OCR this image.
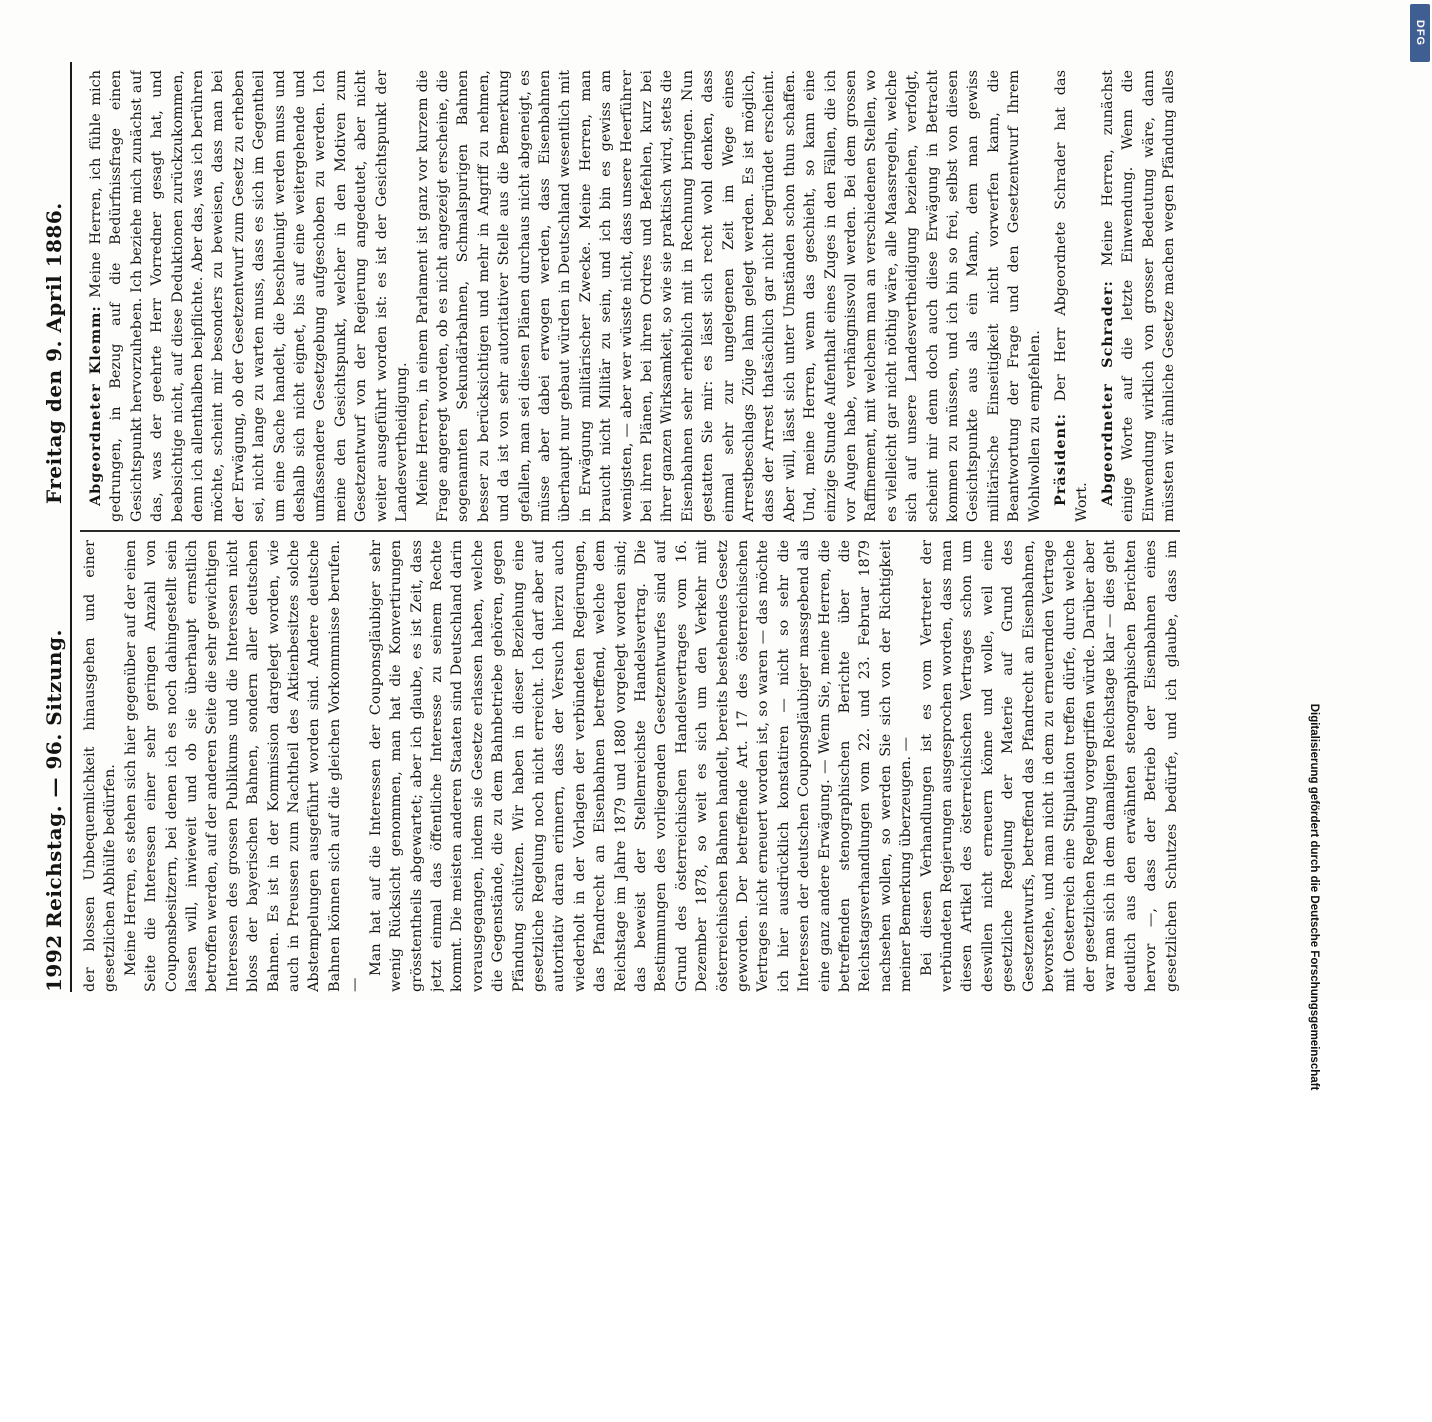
1992
Reichstag. — 96. Sitzung.
Freitag den 9. April 1886.

der blossen Unbequemlichkeit hinausgehen und einer gesetzlichen Abhülfe bedürfen. Meine Herren, es stehen sich hier gegenüber auf der einen Seite die Interessen einer sehr geringen Anzahl von Couponsbesitzern, bei denen ich es noch dahingestellt sein lassen will, inwieweit und ob sie überhaupt ernstlich betroffen werden, auf der anderen Seite die sehr gewichtigen Interessen des grossen Publikums und die Interessen nicht bloss der bayerischen Bahnen, sondern aller deutschen Bahnen. Es ist in der Kommission dargelegt worden, wie auch in Preussen zum Nachtheil des Aktienbesitzes solche Abstempelungen ausgeführt worden sind. Andere deutsche Bahnen können sich auf die gleichen Vorkommnisse berufen. —

Man hat auf die Interessen der Couponsgläubiger sehr wenig Rücksicht genommen, man hat die Konvertirungen grösstentheils abgewartet; aber ich glaube, es ist Zeit, dass jetzt einmal das öffentliche Interesse zu seinem Rechte kommt. Die meisten anderen Staaten sind Deutschland darin vorausgegangen, indem sie Gesetze erlassen haben, welche die Gegenstände, die zu dem Bahnbetriebe gehören, gegen Pfändung schützen. Wir haben in dieser Beziehung eine gesetzliche Regelung noch nicht erreicht. Ich darf aber auf autoritativ daran erinnern, dass der Versuch hierzu auch wiederholt in der Vorlagen der verbündeten Regierungen, das Pfandrecht an Eisenbahnen betreffend, welche dem Reichstage im Jahre 1879 und 1880 vorgelegt worden sind; das beweist der Stellenreichste Handelsvertrag. Die Bestimmungen des vorliegenden Gesetzentwurfes sind auf Grund des österreichischen Handelsvertrages vom 16. Dezember 1878, so weit es sich um den Verkehr mit österreichischen Bahnen handelt, bereits bestehendes Gesetz geworden. Der betreffende Art. 17 des österreichischen Vertrages nicht erneuert worden ist, so waren — das möchte ich hier ausdrücklich konstatiren — nicht so sehr die Interessen der deutschen Couponsgläubiger massgebend als eine ganz andere Erwägung. — Wenn Sie, meine Herren, die betreffenden stenographischen Berichte über die Reichstagsverhandlungen vom 22. und 23. Februar 1879 nachsehen wollen, so werden Sie sich von der Richtigkeit meiner Bemerkung überzeugen. — Bei diesen Verhandlungen ist es vom Vertreter der verbündeten Regierungen ausgesprochen worden, dass man diesen Artikel des österreichischen Vertrages schon um deswillen nicht erneuern könne und wolle, weil eine gesetzliche Regelung der Materie auf Grund des Gesetzentwurfs, betreffend das Pfandrecht an Eisenbahnen, bevorstehe, und man nicht in dem zu erneuernden Vertrage mit Oesterreich eine Stipulation treffen dürfe, durch welche der gesetzlichen Regelung vorgegriffen würde. Darüber aber war man sich in dem damaligen Reichstage klar — dies geht deutlich aus den erwähnten stenographischen Berichten hervor —, dass der Betrieb der Eisenbahnen eines gesetzlichen Schutzes bedürfe, und ich glaube, dass im

Abgeordneter Klemm: Meine Herren, ich fühle mich gedrungen, in Bezug auf die Bedürfnissfrage einen Gesichtspunkt hervorzuheben. Ich beziehe mich zunächst auf das, was der geehrte Herr Vorredner gesagt hat, und beabsichtige nicht, auf diese Deduktionen zurückzukommen, denn ich allenthalben beipflichte. Aber das, was ich berühren möchte, scheint mir besonders zu beweisen, dass man bei der Erwägung, ob der Gesetzentwurf zum Gesetz zu erheben sei, nicht lange zu warten muss, dass es sich im Gegentheil um eine Sache handelt, die beschleunigt werden muss und deshalb sich nicht eignet, bis auf eine weitergehende und umfassendere Gesetzgebung aufgeschoben zu werden. Ich meine den Gesichtspunkt, welcher in den Motiven zum Gesetzentwurf von der Regierung angedeutet, aber nicht weiter ausgeführt worden ist: es ist der Gesichtspunkt der Landesvertheidigung. Meine Herren, in einem Parlament ist ganz vor kurzem die Frage angeregt worden, ob es nicht angezeigt erscheine, die sogenannten Sekundärbahnen, Schmalspurigen Bahnen besser zu berücksichtigen und mehr in Angriff zu nehmen, und da ist von sehr autoritativer Stelle aus die Bemerkung gefallen, man sei diesen Plänen durchaus nicht abgeneigt, es müsse aber dabei erwogen werden, dass Eisenbahnen überhaupt nur gebaut würden in Deutschland wesentlich mit in Erwägung militärischer Zwecke. Meine Herren, man braucht nicht Militär zu sein, und ich bin es gewiss am wenigsten, — aber wer wüsste nicht, dass unsere Heerführer bei ihren Plänen, bei ihren Ordres und Befehlen, kurz bei ihrer ganzen Wirksamkeit, so wie sie praktisch wird, stets die Eisenbahnen sehr erheblich mit in Rechnung bringen. Nun gestatten Sie mir: es lässt sich recht wohl denken, dass einmal sehr zur ungelegenen Zeit im Wege eines Arrestbeschlags Züge lahm gelegt werden. Es ist möglich, dass der Arrest thatsächlich gar nicht begründet erscheint. Aber will, lässt sich unter Umständen schon thun schaffen. Und, meine Herren, wenn das geschieht, so kann eine einzige Stunde Aufenthalt eines Zuges in den Fällen, die ich vor Augen habe, verhängnissvoll werden. Bei dem grossen Raffinement, mit welchem man an verschiedenen Stellen, wo es vielleicht gar nicht nöthig wäre, alle Maassregeln, welche sich auf unsere Landesvertheidigung beziehen, verfolgt, scheint mir denn doch auch diese Erwägung in Betracht kommen zu müssen, und ich bin so frei, selbst von diesen Gesichtspunkte aus als ein Mann, dem man gewiss militärische Einseitigkeit nicht vorwerfen kann, die Beantwortung der Frage und den Gesetzentwurf Ihrem Wohlwollen zu empfehlen. Präsident: Der Herr Abgeordnete Schrader hat das Wort. Abgeordneter Schrader: Meine Herren, zunächst einige Worte auf die letzte Einwendung. Wenn die Einwendung wirklich von grosser Bedeutung wäre, dann müssten wir ähnliche Gesetze machen wegen Pfändung alles

Digitalisierung gefördert durch die Deutsche Forschungsgemeinschaft
DFG
